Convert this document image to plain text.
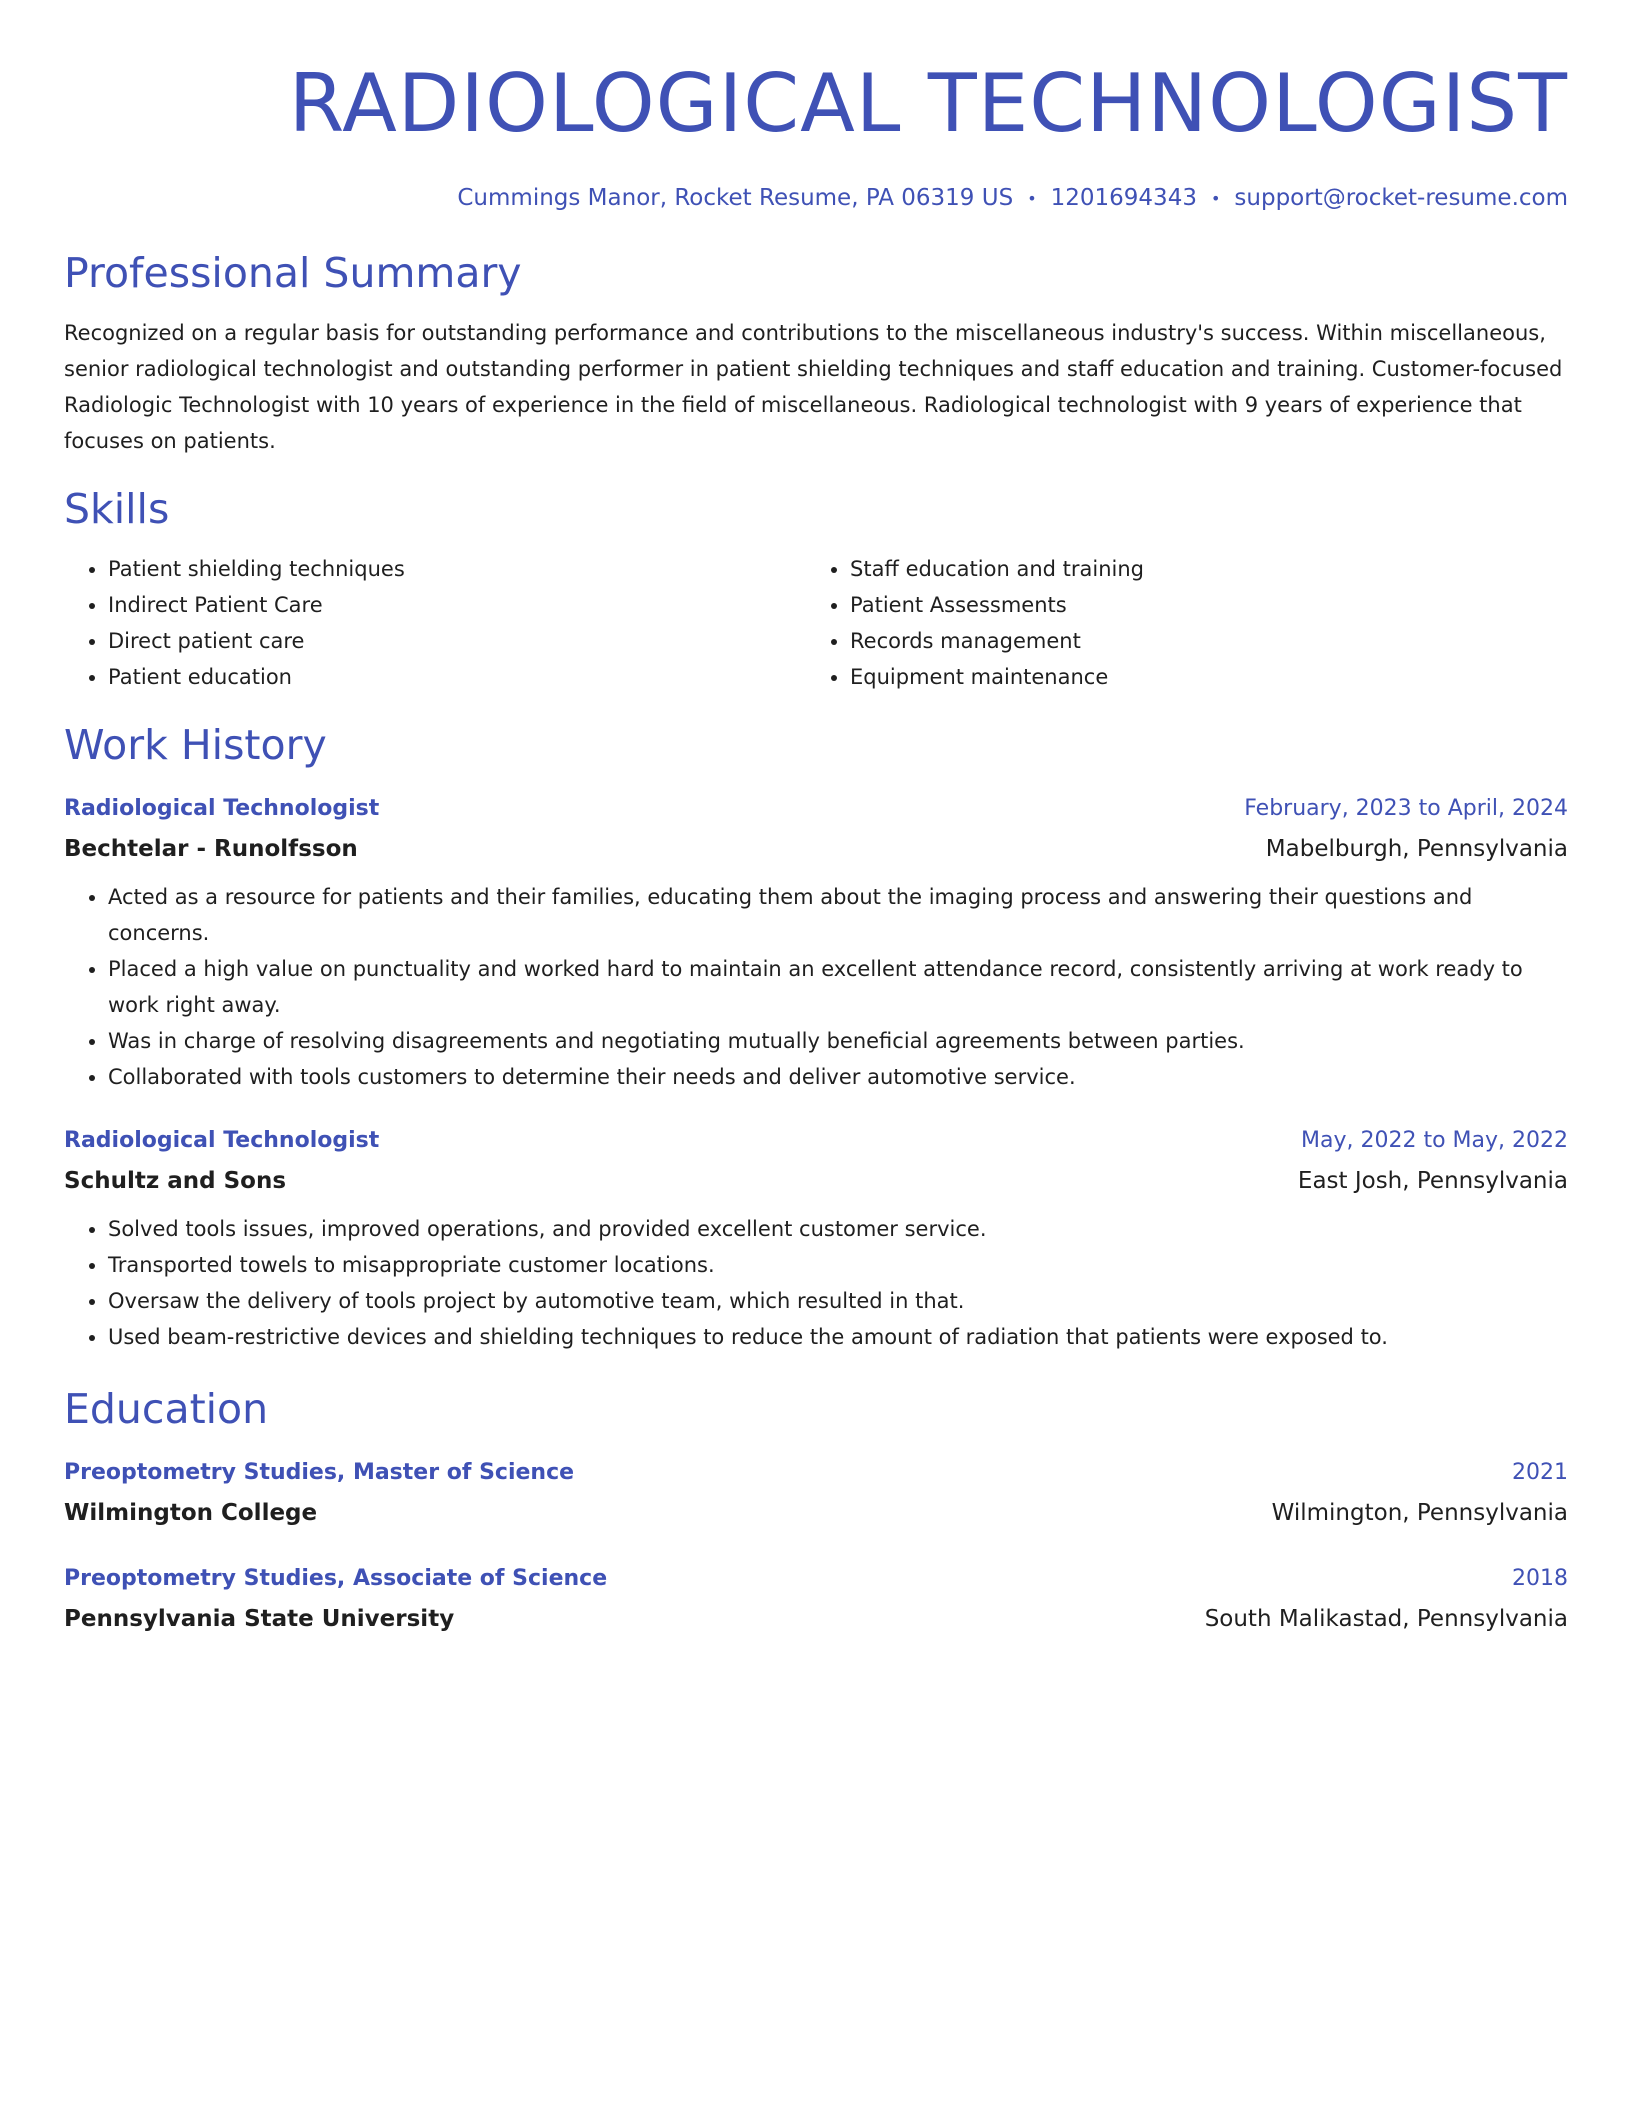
RADIOLOGICAL TECHNOLOGIST
Cummings Manor, Rocket Resume, PA 06319 US • 1201694343 • support@rocket-resume.com
Professional Summary
Recognized on a regular basis for outstanding performance and contributions to the miscellaneous industry's success. Within miscellaneous, senior radiological technologist and outstanding performer in patient shielding techniques and staff education and training. Customer-focused Radiologic Technologist with 10 years of experience in the field of miscellaneous. Radiological technologist with 9 years of experience that focuses on patients.
Skills
• Patient shielding techniques
• Indirect Patient Care
• Direct patient care
• Patient education
• Staff education and training
• Patient Assessments
• Records management
• Equipment maintenance
Work History
Radiological Technologist	February, 2023 to April, 2024
Bechtelar - Runolfsson	Mabelburgh, Pennsylvania
• Acted as a resource for patients and their families, educating them about the imaging process and answering their questions and concerns.
• Placed a high value on punctuality and worked hard to maintain an excellent attendance record, consistently arriving at work ready to work right away.
• Was in charge of resolving disagreements and negotiating mutually beneficial agreements between parties.
• Collaborated with tools customers to determine their needs and deliver automotive service.
Radiological Technologist	May, 2022 to May, 2022
Schultz and Sons	East Josh, Pennsylvania
• Solved tools issues, improved operations, and provided excellent customer service.
• Transported towels to misappropriate customer locations.
• Oversaw the delivery of tools project by automotive team, which resulted in that.
• Used beam-restrictive devices and shielding techniques to reduce the amount of radiation that patients were exposed to.
Education
Preoptometry Studies, Master of Science	2021
Wilmington College	Wilmington, Pennsylvania
Preoptometry Studies, Associate of Science	2018
Pennsylvania State University	South Malikastad, Pennsylvania
